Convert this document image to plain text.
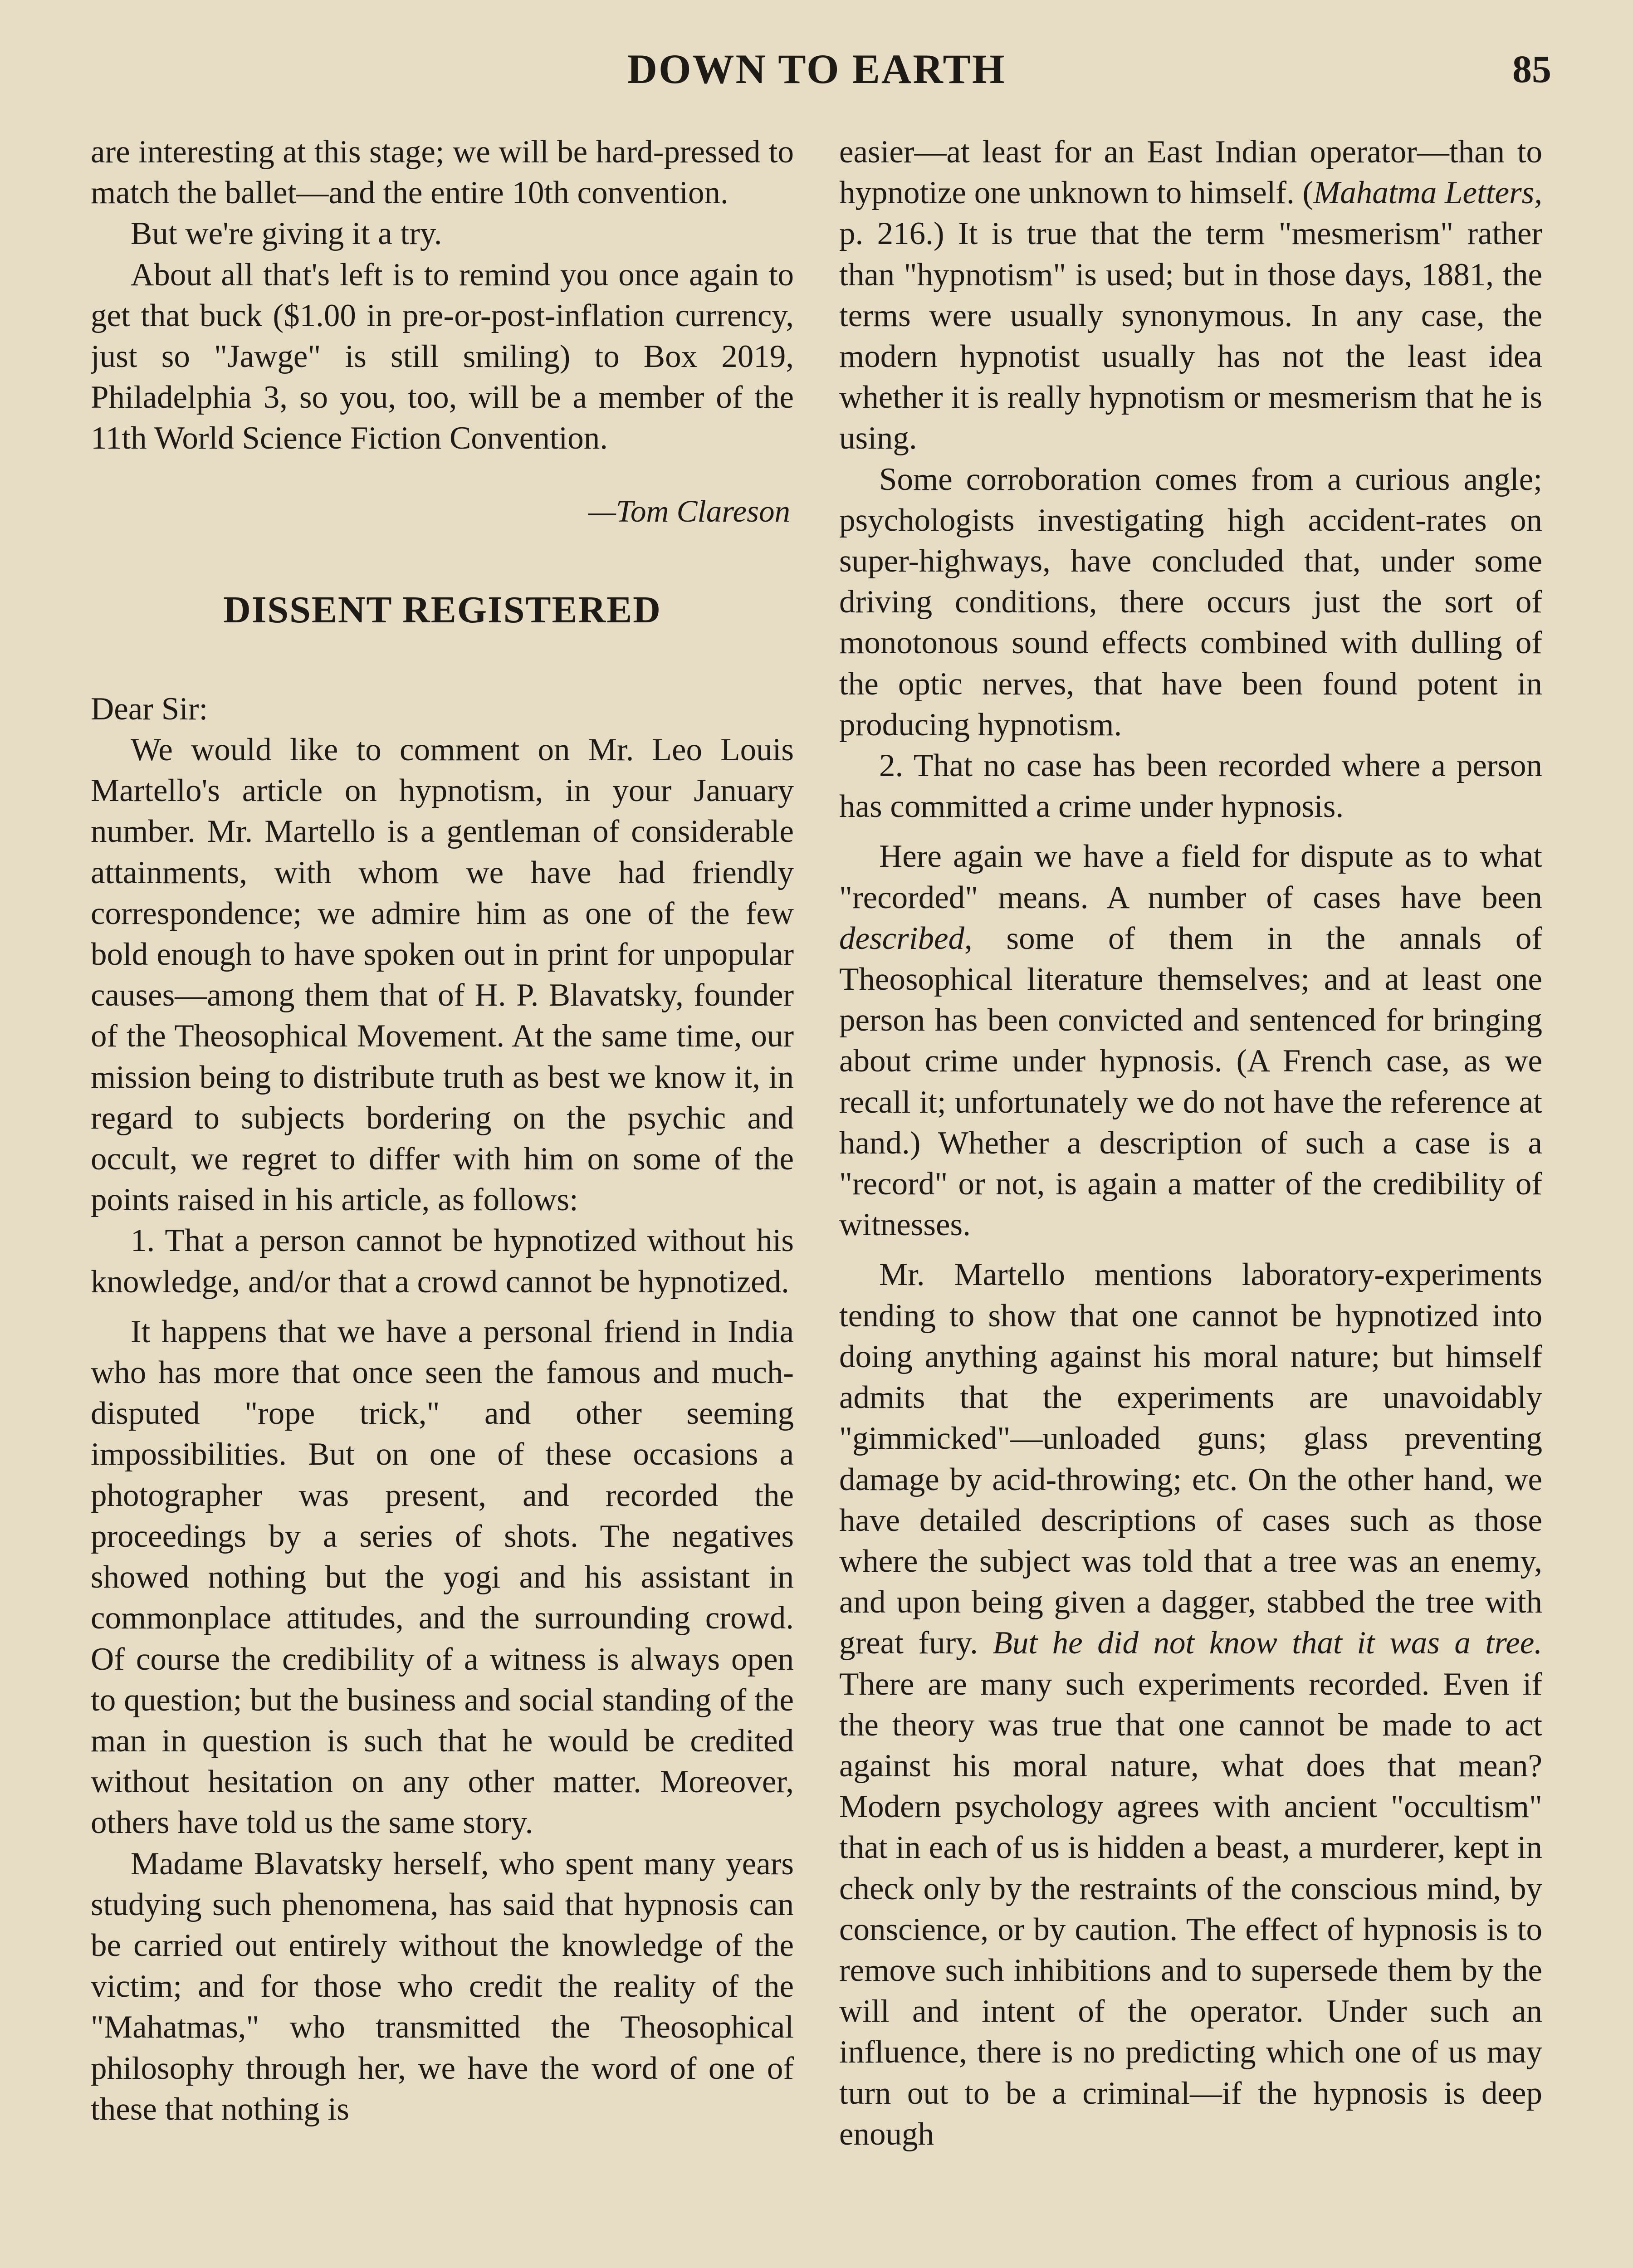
DOWN TO EARTH	85

are interesting at this stage; we will be hard-pressed to match the ballet—and the entire 10th convention.

But we're giving it a try.

About all that's left is to remind you once again to get that buck ($1.00 in pre-or-post-inflation currency, just so "Jawge" is still smiling) to Box 2019, Philadelphia 3, so you, too, will be a member of the 11th World Science Fiction Convention.

—Tom Clareson

DISSENT REGISTERED

Dear Sir:

We would like to comment on Mr. Leo Louis Martello's article on hypnotism, in your January number. Mr. Martello is a gentleman of considerable attainments, with whom we have had friendly correspondence; we admire him as one of the few bold enough to have spoken out in print for unpopular causes—among them that of H. P. Blavatsky, founder of the Theosophical Movement. At the same time, our mission being to distribute truth as best we know it, in regard to subjects bordering on the psychic and occult, we regret to differ with him on some of the points raised in his article, as follows:

1. That a person cannot be hypnotized without his knowledge, and/or that a crowd cannot be hypnotized.

It happens that we have a personal friend in India who has more that once seen the famous and much-disputed "rope trick," and other seeming impossibilities. But on one of these occasions a photographer was present, and recorded the proceedings by a series of shots. The negatives showed nothing but the yogi and his assistant in commonplace attitudes, and the surrounding crowd. Of course the credibility of a witness is always open to question; but the business and social standing of the man in question is such that he would be credited without hesitation on any other matter. Moreover, others have told us the same story.

Madame Blavatsky herself, who spent many years studying such phenomena, has said that hypnosis can be carried out entirely without the knowledge of the victim; and for those who credit the reality of the "Mahatmas," who transmitted the Theosophical philosophy through her, we have the word of one of these that nothing is

easier—at least for an East Indian operator—than to hypnotize one unknown to himself. (Mahatma Letters, p. 216.) It is true that the term "mesmerism" rather than "hypnotism" is used; but in those days, 1881, the terms were usually synonymous. In any case, the modern hypnotist usually has not the least idea whether it is really hypnotism or mesmerism that he is using.

Some corroboration comes from a curious angle; psychologists investigating high accident-rates on super-highways, have concluded that, under some driving conditions, there occurs just the sort of monotonous sound effects combined with dulling of the optic nerves, that have been found potent in producing hypnotism.

2. That no case has been recorded where a person has committed a crime under hypnosis.

Here again we have a field for dispute as to what "recorded" means. A number of cases have been described, some of them in the annals of Theosophical literature themselves; and at least one person has been convicted and sentenced for bringing about crime under hypnosis. (A French case, as we recall it; unfortunately we do not have the reference at hand.) Whether a description of such a case is a "record" or not, is again a matter of the credibility of witnesses.

Mr. Martello mentions laboratory-experiments tending to show that one cannot be hypnotized into doing anything against his moral nature; but himself admits that the experiments are unavoidably "gimmicked"—unloaded guns; glass preventing damage by acid-throwing; etc. On the other hand, we have detailed descriptions of cases such as those where the subject was told that a tree was an enemy, and upon being given a dagger, stabbed the tree with great fury. But he did not know that it was a tree. There are many such experiments recorded. Even if the theory was true that one cannot be made to act against his moral nature, what does that mean? Modern psychology agrees with ancient "occultism" that in each of us is hidden a beast, a murderer, kept in check only by the restraints of the conscious mind, by conscience, or by caution. The effect of hypnosis is to remove such inhibitions and to supersede them by the will and intent of the operator. Under such an influence, there is no predicting which one of us may turn out to be a criminal—if the hypnosis is deep enough
